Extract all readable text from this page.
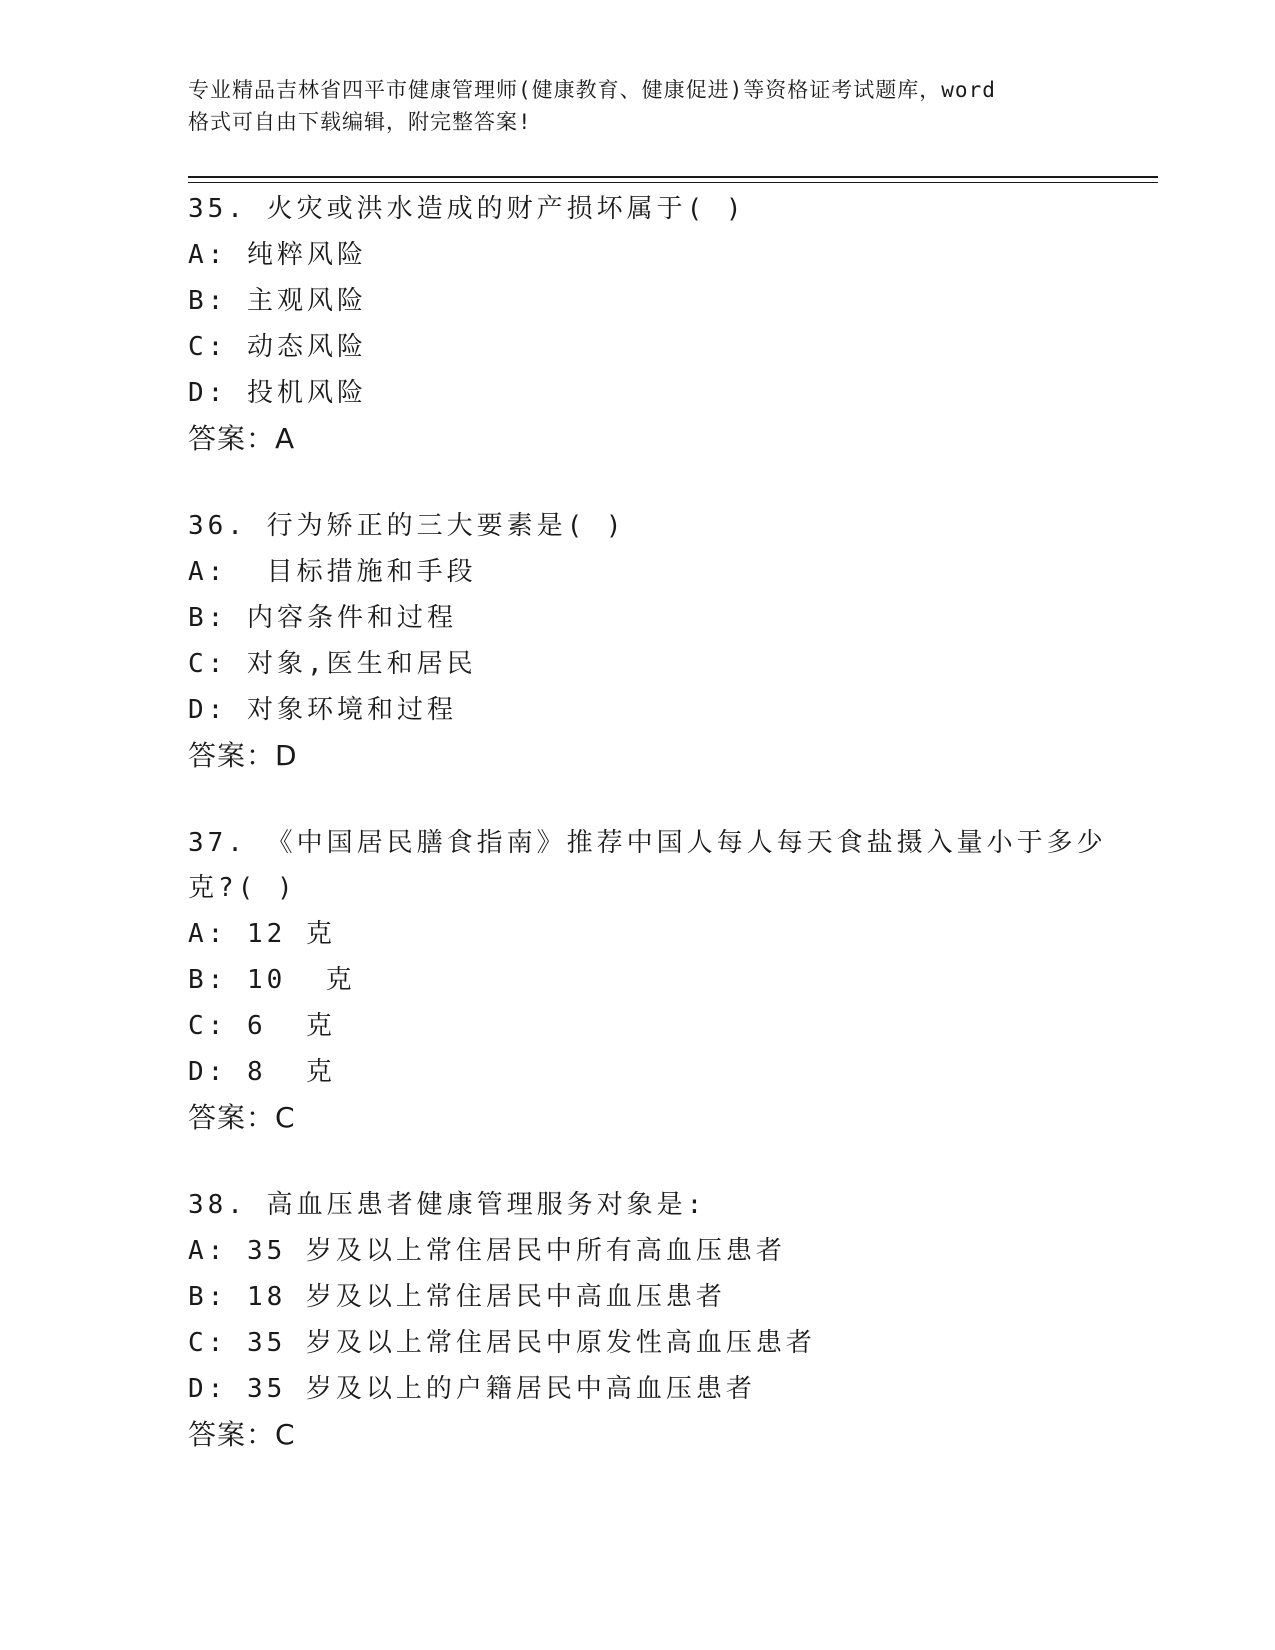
专业精品吉林省四平市健康管理师(健康教育、健康促进)等资格证考试题库，word
格式可自由下载编辑，附完整答案!

35. 火灾或洪水造成的财产损坏属于( )

A: 纯粹风险

B: 主观风险

C: 动态风险

D: 投机风险

答案：A

36. 行为矫正的三大要素是( )

A:  目标措施和手段

B: 内容条件和过程

C: 对象,医生和居民

D: 对象环境和过程

答案：D

37. 《中国居民膳食指南》推荐中国人每人每天食盐摄入量小于多少

克?( )

A: 12 克

B: 10  克

C: 6  克

D: 8  克

答案：C

38. 高血压患者健康管理服务对象是:

A: 35 岁及以上常住居民中所有高血压患者

B: 18 岁及以上常住居民中高血压患者

C: 35 岁及以上常住居民中原发性高血压患者

D: 35 岁及以上的户籍居民中高血压患者

答案：C
